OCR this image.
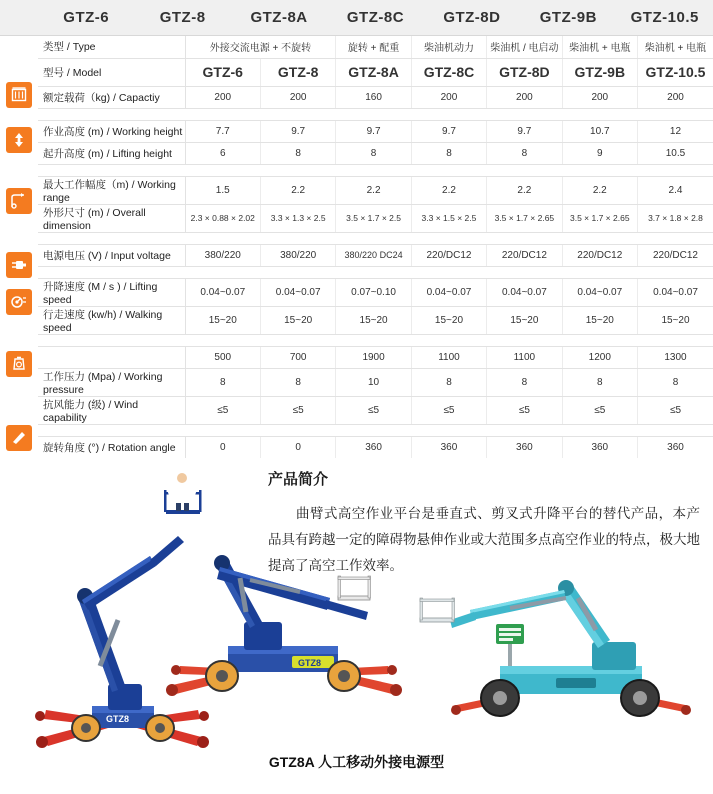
GTZ-6	GTZ-8	GTZ-8A	GTZ-8C	GTZ-8D	GTZ-9B	GTZ-10.5
类型 / Type	外接交流电源 + 不旋转		旋转 + 配重	柴油机动力	柴油机 / 电启动	柴油机 + 电瓶	柴油机 + 电瓶
型号 / Model	GTZ-6	GTZ-8	GTZ-8A	GTZ-8C	GTZ-8D	GTZ-9B	GTZ-10.5
额定载荷（kg) / Capactiy	200	200	160	200	200	200	200

作业高度 (m) / Working height	7.7	9.7	9.7	9.7	9.7	10.7	12
起升高度 (m) / Lifting height	6	8	8	8	8	9	10.5

最大工作幅度（m) / Working range	1.5	2.2	2.2	2.2	2.2	2.2	2.4
外形尺寸 (m) / Overall dimension	2.3 × 0.88 × 2.02	3.3 × 1.3 × 2.5	3.5 × 1.7 × 2.5	3.3 × 1.5 × 2.5	3.5 × 1.7 × 2.65	3.5 × 1.7 × 2.65	3.7 × 1.8 × 2.8

电源电压 (V) / Input voltage	380/220	380/220	380/220 DC24	220/DC12	220/DC12	220/DC12	220/DC12

升降速度 (M / s ) / Lifting speed	0.04~0.07	0.04~0.07	0.07~0.10	0.04~0.07	0.04~0.07	0.04~0.07	0.04~0.07
行走速度 (kw/h) / Walking speed	15~20	15~20	15~20	15~20	15~20	15~20	15~20

	500	700	1900	1100	1100	1200	1300
工作压力 (Mpa) / Working pressure	8	8	10	8	8	8	8
抗风能力 (级) / Wind capability	≤5	≤5	≤5	≤5	≤5	≤5	≤5

旋转角度 (°) / Rotation angle	0	0	360	360	360	360	360
GTZ8
GTZ8
GTZ8A 人工移动外接电源型
产品简介

曲臂式高空作业平台是垂直式、剪叉式升降平台的替代产品，本产品具有跨越一定的障碍物悬伸作业或大范围多点高空作业的特点，极大地提高了高空工作效率。
